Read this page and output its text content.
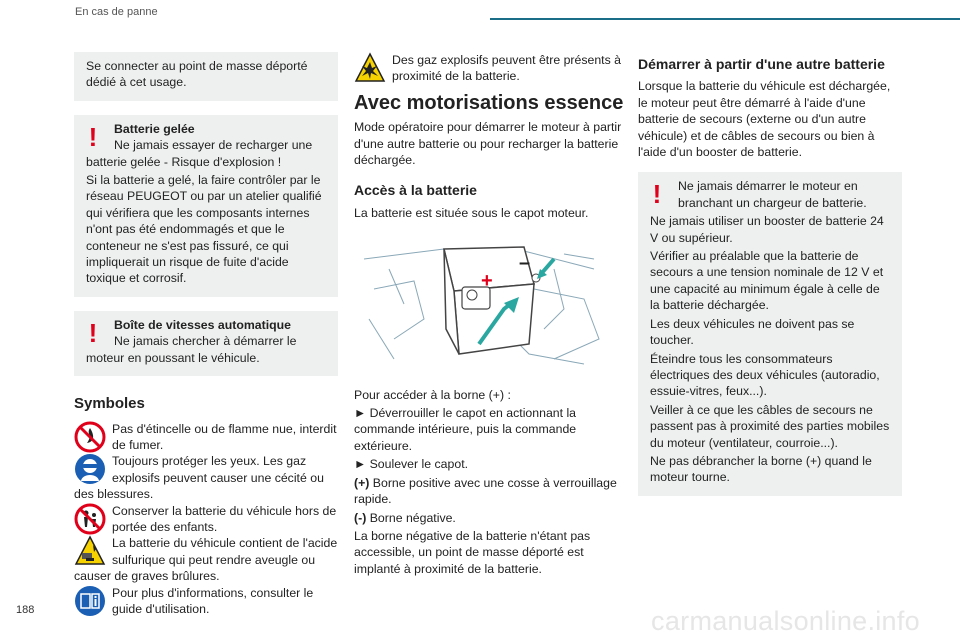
En cas de panne

Se connecter au point de masse déporté dédié à cet usage.

!	Batterie gelée

Ne jamais essayer de recharger une batterie gelée - Risque d'explosion !

Si la batterie a gelé, la faire contrôler par le réseau PEUGEOT ou par un atelier qualifié qui vérifiera que les composants internes n'ont pas été endommagés et que le conteneur ne s'est pas fissuré, ce qui impliquerait un risque de fuite d'acide toxique et corrosif.

!	Boîte de vitesses automatique

Ne jamais chercher à démarrer le moteur en poussant le véhicule.

Symboles
Pas d'étincelle ou de flamme nue, interdit de fumer.
Toujours protéger les yeux. Les gaz explosifs peuvent causer une cécité ou des blessures.
Conserver la batterie du véhicule hors de portée des enfants.
La batterie du véhicule contient de l'acide sulfurique qui peut rendre aveugle ou causer de graves brûlures.
Pour plus d'informations, consulter le guide d'utilisation.
Des gaz explosifs peuvent être présents à proximité de la batterie.
Avec motorisations essence

Mode opératoire pour démarrer le moteur à partir d'une autre batterie ou pour recharger la batterie déchargée.

Accès à la batterie

La batterie est située sous le capot moteur.

+
–

Pour accéder à la borne (+) :

► Déverrouiller le capot en actionnant la commande intérieure, puis la commande extérieure.

► Soulever le capot.

(+) Borne positive avec une cosse à verrouillage rapide.

(-) Borne négative.

La borne négative de la batterie n'étant pas accessible, un point de masse déporté est implanté à proximité de la batterie.

Démarrer à partir d'une autre batterie

Lorsque la batterie du véhicule est déchargée, le moteur peut être démarré à l'aide d'une batterie de secours (externe ou d'un autre véhicule) et de câbles de secours ou bien à l'aide d'un booster de batterie.

!	Ne jamais démarrer le moteur en branchant un chargeur de batterie.

Ne jamais utiliser un booster de batterie 24 V ou supérieur.

Vérifier au préalable que la batterie de secours a une tension nominale de 12 V et une capacité au minimum égale à celle de la batterie déchargée.

Les deux véhicules ne doivent pas se toucher.

Éteindre tous les consommateurs électriques des deux véhicules (autoradio, essuie-vitres, feux...).

Veiller à ce que les câbles de secours ne passent pas à proximité des parties mobiles du moteur (ventilateur, courroie...).

Ne pas débrancher la borne (+) quand le moteur tourne.

188	carmanualsonline.info
